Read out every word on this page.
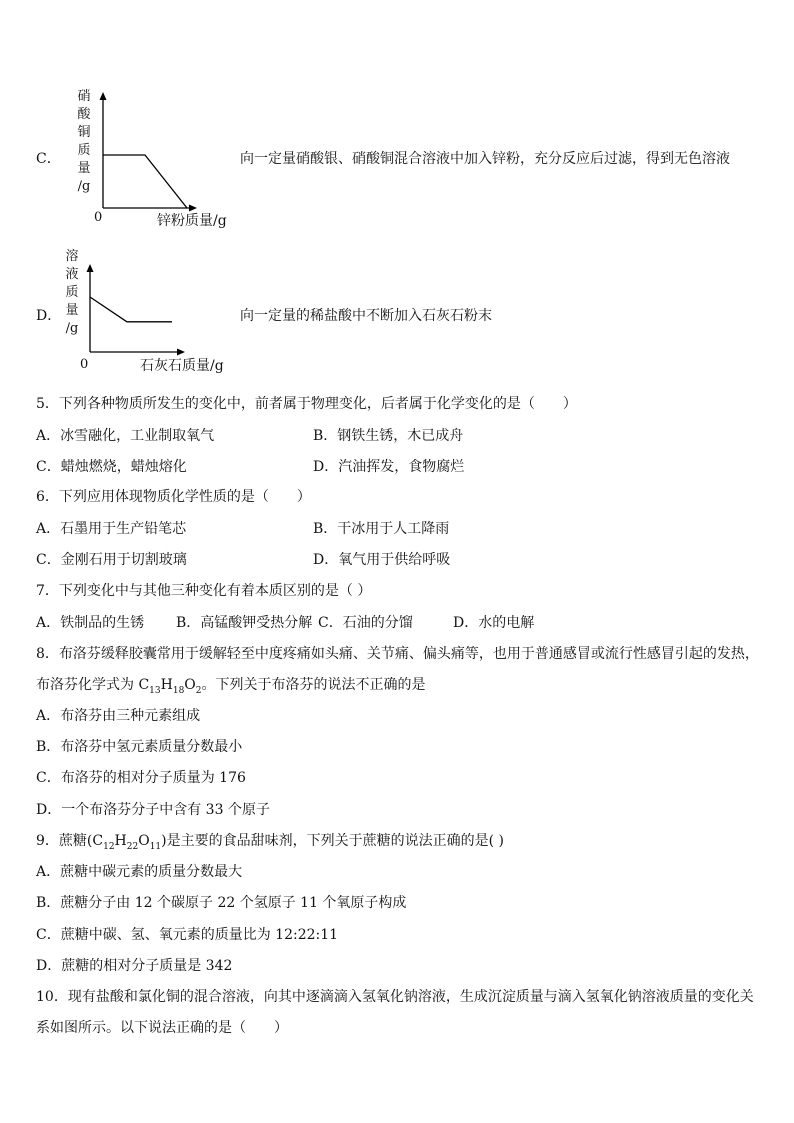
C．
硝
酸
铜
质
量
/g
0	锌粉质量/g
向一定量硝酸银、硝酸铜混合溶液中加入锌粉，充分反应后过滤，得到无色溶液
D．
溶
液
质
量
/g
0	石灰石质量/g
向一定量的稀盐酸中不断加入石灰石粉末
5．下列各种物质所发生的变化中，前者属于物理变化，后者属于化学变化的是（　　）
A．冰雪融化，工业制取氧气	B．钢铁生锈，木已成舟
C．蜡烛燃烧，蜡烛熔化	D．汽油挥发，食物腐烂
6．下列应用体现物质化学性质的是（　　）
A．石墨用于生产铅笔芯	B．干冰用于人工降雨
C．金刚石用于切割玻璃	D．氧气用于供给呼吸
7．下列变化中与其他三种变化有着本质区别的是（ ）
A．铁制品的生锈 B．高锰酸钾受热分解 C．石油的分馏	D．水的电解
8．布洛芬缓释胶囊常用于缓解轻至中度疼痛如头痛、关节痛、偏头痛等，也用于普通感冒或流行性感冒引起的发热，
布洛芬化学式为 $C_{13}H_{18}O_2$。下列关于布洛芬的说法不正确的是
A．布洛芬由三种元素组成
B．布洛芬中氢元素质量分数最小
C．布洛芬的相对分子质量为 176
D．一个布洛芬分子中含有 33 个原子
9．蔗糖$(C_{12}H_{22}O_{11})$是主要的食品甜味剂，下列关于蔗糖的说法正确的是( )
A．蔗糖中碳元素的质量分数最大
B．蔗糖分子由 12 个碳原子 22 个氢原子 11 个氧原子构成
C．蔗糖中碳、氢、氧元素的质量比为 12:22:11
D．蔗糖的相对分子质量是 342
10．现有盐酸和氯化铜的混合溶液，向其中逐滴滴入氢氧化钠溶液，生成沉淀质量与滴入氢氧化钠溶液质量的变化关
系如图所示。以下说法正确的是（　　）
